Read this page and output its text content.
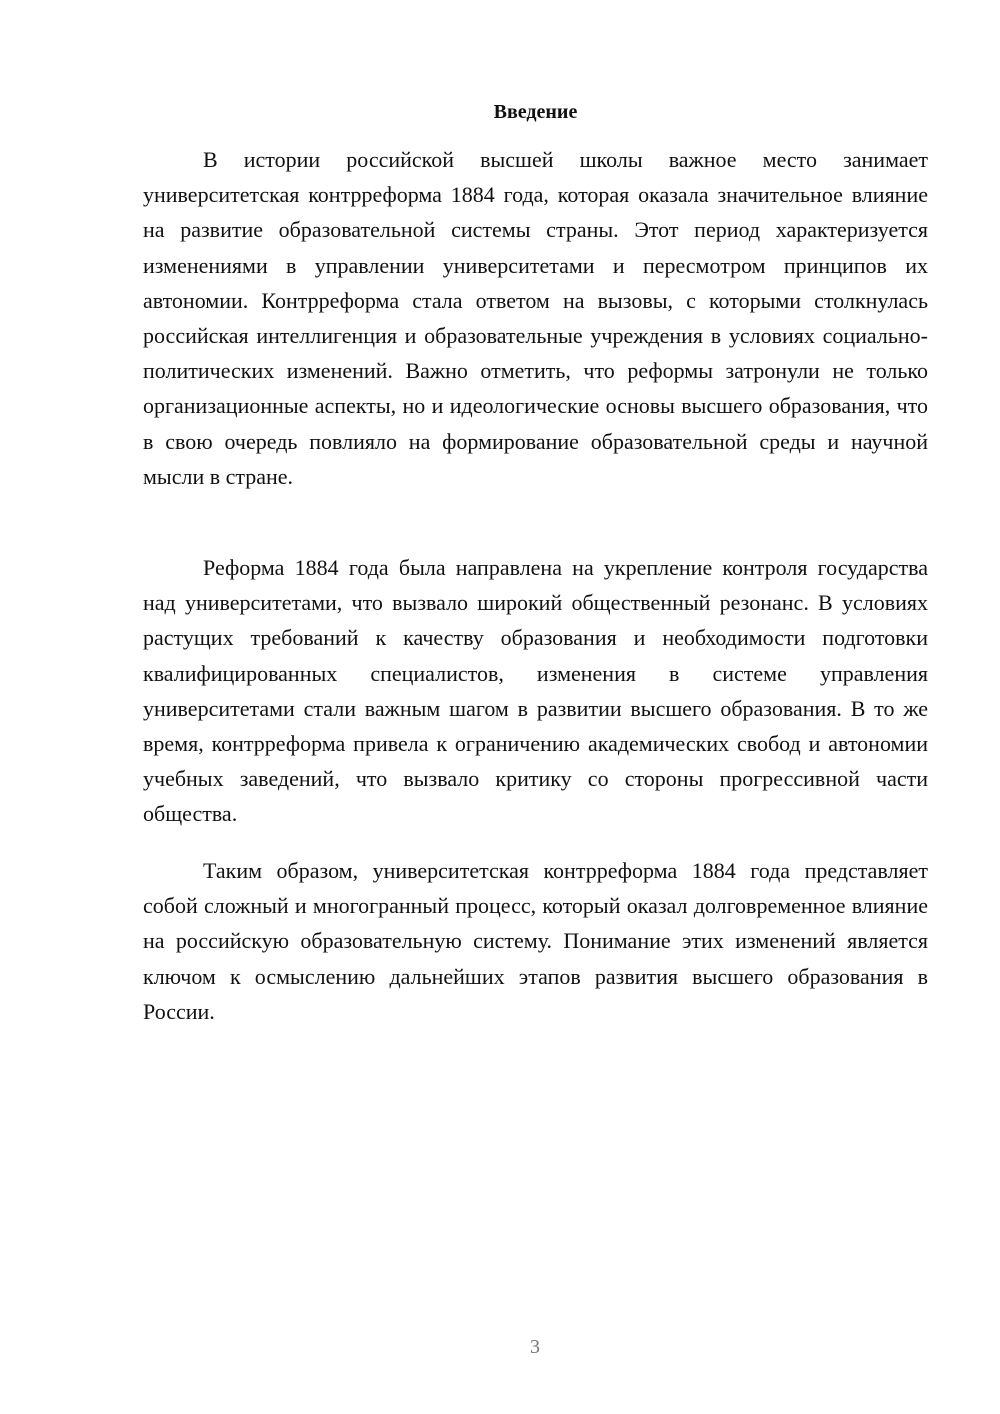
Введение

В истории российской высшей школы важное место занимает университетская контрреформа 1884 года, которая оказала значительное влияние на развитие образовательной системы страны. Этот период характеризуется изменениями в управлении университетами и пересмотром принципов их автономии. Контрреформа стала ответом на вызовы, с которыми столкнулась российская интеллигенция и образовательные учреждения в условиях социально-политических изменений. Важно отметить, что реформы затронули не только организационные аспекты, но и идеологические основы высшего образования, что в свою очередь повлияло на формирование образовательной среды и научной мысли в стране.

Реформа 1884 года была направлена на укрепление контроля государства над университетами, что вызвало широкий общественный резонанс. В условиях растущих требований к качеству образования и необходимости подготовки квалифицированных специалистов, изменения в системе управления университетами стали важным шагом в развитии высшего образования. В то же время, контрреформа привела к ограничению академических свобод и автономии учебных заведений, что вызвало критику со стороны прогрессивной части общества.

Таким образом, университетская контрреформа 1884 года представляет собой сложный и многогранный процесс, который оказал долговременное влияние на российскую образовательную систему. Понимание этих изменений является ключом к осмыслению дальнейших этапов развития высшего образования в России.

3
